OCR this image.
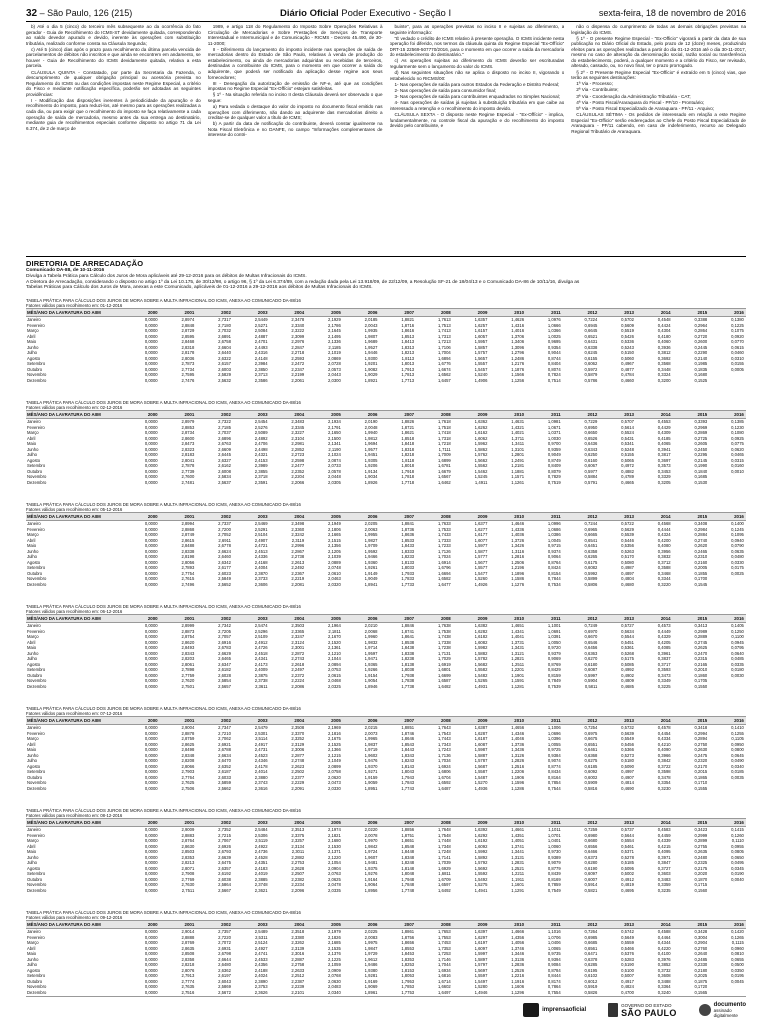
32 – São Paulo, 126 (215)	Diário Oficial Poder Executivo - Seção I	sexta-feira, 18 de novembro de 2016

b) Até o dia 5 (cinco) do terceiro mês subsequente ao da ocorrência do fato gerador - Guia de Recolhimento do ICMS-ST devidamente quitada, correspondendo ao saldo devedor apurado e devido, inerente às operações com substituição tributária, realizado conforme consta na Cláusula Segunda;

c) Até 5 (cinco) dias após o prazo para recolhimento da última parcela vencida de parcelamentos de débitos não inscritos e que ainda se encontrem em andamento, se houver - Guia de Recolhimento do ICMS devidamente quitada, relativa a esta parcela.

CLÁUSULA QUINTA - Constatado, por parte da Secretaria da Fazenda, o descumprimento de qualquer obrigação principal ou acessória prevista no Regulamento do ICMS ou das condições impostas neste Regime Especial, a critério do Fisco e mediante notificação específica, poderão ser adotadas as seguintes providências:

I - Modificação das disposições inerentes à periodicidade da apuração e do recolhimento do imposto, para reduzi-los, até mesmo para as operações realizadas a cada dia, ou para exigir que o recolhimento do imposto se faça relativamente a cada operação de saída de mercadoria, mesmo antes da sua entrega ao destinatário, mediante guia de recolhimentos especiais conforme disposto no artigo 71 da Lei 6.374, de 2 de março de

1989, e artigo 118 do Regulamento do Imposto Sobre Operações Relativas à Circulação de Mercadorias e Sobre Prestações de Serviços de Transporte Interestadual e Intermunicipal e de Comunicação - RICMS - Decreto 45.490, de 30-11-2000;

II - Diferimento do lançamento do imposto incidente nas operações de saída de mercadorias dentro do Estado de São Paulo, relativas à venda de produção do estabelecimento, ou ainda de mercadorias adquiridas ou recebidas de terceiros, destinadas a contribuinte do ICMS, para o momento em que ocorrer a saída do adquirente, que poderá ser notificado da aplicação desse regime aos seus fornecedores;

III - Denegação da autorização de emissão de NF-e, até que as condições impostas no Regime Especial "Ex-Offício" estejam satisfeitas.

§ 1º - Na situação referida no inciso II desta Cláusula deverá ser observado o que segue:

a) Para vedada o destaque do valor do imposto no documento fiscal emitido nas operações com diferimento, não dando ao adquirente das mercadorias direito a creditar-se de qualquer valor a título de ICMS;

b) A partir da data de notificação do contribuinte, deverá constar igualmente na Nota Fiscal Eletrônica e no DANFE, no campo "Informações complementares de interesse do contri-

buinte", para as operações previstas no inciso II e sujeitas ao diferimento, a seguinte informação:

"É vedado o crédito de ICMS relativo à presente operação. O ICMS incidente nesta operação foi diferido, nos termos da cláusula quinta do Regime Especial "Ex-Offício" DRT-15 22569-507770/2016, para o momento em que ocorrer a saída da mercadoria do estabelecimento do destinatário."

c) As operações sujeitas ao diferimento do ICMS deverão ser escrituradas regularmente sem o lançamento do valor do ICMS.

d) Nas seguintes situações não se aplica o disposto no inciso II, vigorando o estabelecido no RICMS/00:

1- Nas operações de saída para outros Estados da Federação e Distrito Federal;

2- Nas operações de saída para consumidor final;

3- Nas operações de saída para contribuintes enquadrados no Simples Nacional;

4- Nas operações de saídas já sujeitas à substituição tributária em que caibe ao interessado a retenção e o recolhimento do imposto devido.

CLÁUSULA SEXTA - O disposto neste Regime Especial - "Ex-Offício" - implica, fundamentalmente, no controle fiscal da apuração e do recolhimento do imposto devido pelo contribuinte, e

não o dispensa do cumprimento de todas as demais obrigações previstas na legislação do ICMS.

§ 1º - O presente Regime Especial - "Ex-Officio" vigorará a partir da data de sua publicação no Diário Oficial do Estado, pelo prazo de 12 (doze) meses, produzindo efeitos para as operações realizadas a partir do dia 01-12-2016 até o dia 30-11-2017, mesmo no caso de alteração da denominação social, razão social ou transferência do estabelecimento, poderá, a qualquer momento e a critério do Fisco, ser revisado, alterado, cassado, ou, no novo final, ter o prazo prorrogado.

§ 2º - O Presente Regime Especial "Ex-Officio" é extraído em 5 (cinco) vias, que terão as seguintes destinações:

1ª Via - Processo;

2ª Via - Contribuinte;

3ª Via - Coordenação da Administração Tributária - CAT;

4ª Via - Posto Fiscal/Araraquara do Fiscal - PF/10 - Prontuário;

5ª Via - Posto Fiscal Especializado de Araraquara - PF/11 - Arquivo;

CLÁUSULAS SÉTIMA - Os pedidos de interessado em relação a este Regime Especial "Ex-Officio" serão endereçados ao Chefe do Posto Fiscal Especializado de Araraquara - PF/11 cabendo, em caso de indeferimento, recurso ao Delegado Regional Tributário de Araraquara.

DIRETORIA DE ARRECADAÇÃO
Comunicado DA-88, de 10-11-2016
Divulga a Tabela Prática para Cálculo dos Juros de Mora aplicáveis até 29-12-2016 para os débitos de Multas Infracionais do ICMS.
A Diretora de Arrecadação, considerando o disposto no artigo 1º da Lei 10.175, de 30/12/98, o artigo 96, § 1º da Lei 6.374/89, com a redação dada pela Lei 13.918/09, de 22/12/09, a Resolução SF-21 de 18/04/13 e o Comunicado DA-86 de 10/11/16, divulga as
Tabelas Práticas para Cálculo dos Juros de Mora, anexas a este Comunicado, aplicáveis de 01-12-2016 a 29-12-2016 aos débitos de Multas Infracionais do ICMS.
TABELA PRÁTICA PARA CÁLCULO DOS JUROS DE MORA SOBRE A MULTA INFRACIONAL DO ICMS, ANEXA AO COMUNICADO DA-88/16
Fatores válidos para recolhimento em: 01-12-2016
MÊS/ANO DA LAVRATURA DO AIIM	2000	2001	2002	2003	2004	2005	2006	2007	2008	2009	2010	2011	2012	2013	2014	2015	2016
Janeiro	0,0000	2,8974	2,7317	2,5449	2,3478	2,1929	2,0185	1,8821	1,7613	1,6357	1,4626	1,0976	0,7224	0,5702	0,4548	0,3388	0,1380
Fevereiro	0,0000	2,8848	2,7180	2,5271	2,3340	2,1786	2,0043	1,8716	1,7513	1,6257	1,4316	1,0666	0,6945	0,5609	0,4424	0,2964	0,1225
Março	0,0000	2,8729	2,7032	2,5084	2,3222	2,1645	1,9935	1,8616	1,7413	1,6157	1,4016	1,0366	0,6645	0,5519	0,4304	0,2864	0,1075
Abril	0,0000	2,8595	2,6891	2,4887	2,3099	2,1495	1,9807	1,8513	1,7313	1,6057	1,3706	1,0025	0,6521	0,5426	0,4180	0,2720	0,0920
Maio	0,0000	2,8468	2,6758	2,4701	2,2976	2,1336	1,9689	1,8413	1,7213	1,5957	1,3406	0,9695	0,6431	0,5336	0,4060	0,2600	0,0770
Junho	0,0000	2,8318	2,6604	2,4493	2,2847	2,1185	1,9527	1,8313	1,7106	1,5857	1,3096	0,9354	0,6338	0,5243	0,3936	0,2445	0,0615
Julho	0,0000	2,8178	2,6440	2,4316	2,2718	2,1019	1,9446	1,8213	1,7004	1,5757	1,2796	0,9044	0,6245	0,5150	0,3812	0,2290	0,0460
Agosto	0,0000	2,8036	2,6322	2,4148	2,2593	2,0869	1,9300	1,8113	1,6894	1,5657	1,2486	0,8744	0,6155	0,5060	0,3692	0,2140	0,0310
Setembro	0,0000	2,7873	2,6157	2,3984	2,2472	2,0728	1,9201	1,8013	1,6776	1,5557	1,2176	0,8404	0,6062	0,4967	0,3568	0,1985	0,0155
Outubro	0,0000	2,7734	2,6003	2,3850	2,2347	2,0573	1,9082	1,7913	1,6674	1,5457	1,1876	0,8074	0,5972	0,4877	0,3448	0,1835	0,0005
Novembro	0,0000	2,7595	2,5829	2,3713	2,2199	2,0443	1,9029	1,7813	1,6562	1,5240	1,1566	0,7824	0,5879	0,4784	0,3324	0,1680
Dezembro	0,0000	2,7476	2,5632	2,3586	2,2061	2,0300	1,8921	1,7713	1,6457	1,4906	1,1256	0,7514	0,5786	0,4660	0,3200	0,1525
TABELA PRÁTICA PARA CÁLCULO DOS JUROS DE MORA SOBRE A MULTA INFRACIONAL DO ICMS, ANEXA AO COMUNICADO DA-88/16
Fatores válidos para recolhimento em: 02-12-2016
MÊS/ANO DA LAVRATURA DO AIIM	2000	2001	2002	2003	2004	2005	2006	2007	2008	2009	2010	2011	2012	2013	2014	2015	2016
Janeiro	0,0000	2,8979	2,7322	2,5454	2,3483	2,1934	2,0190	1,8826	1,7618	1,6362	1,4631	1,0981	0,7229	0,5707	0,4553	0,3393	0,1385
Fevereiro	0,0000	2,8853	2,7185	2,5276	2,3345	2,1791	2,0048	1,8721	1,7518	1,6262	1,4321	1,0671	0,6950	0,5614	0,4429	0,2969	0,1230
Março	0,0000	2,8734	2,7037	2,5089	2,3227	2,1650	1,9940	1,8621	1,7418	1,6162	1,4021	1,0371	0,6650	0,5524	0,4309	0,2869	0,1080
Abril	0,0000	2,8600	2,6896	2,4892	2,3104	2,1500	1,9812	1,8518	1,7318	1,6062	1,3711	1,0030	0,6526	0,5431	0,4185	0,2725	0,0925
Maio	0,0000	2,8473	2,6763	2,4706	2,2981	2,1341	1,9694	1,8418	1,7218	1,5962	1,3411	0,9700	0,6436	0,5341	0,4065	0,2605	0,0775
Junho	0,0000	2,8323	2,6609	2,4498	2,2852	2,1190	1,9577	1,8318	1,7111	1,5862	1,3101	0,9359	0,6343	0,5248	0,3941	0,2450	0,0620
Julho	0,0000	2,8183	2,6445	2,4321	2,2723	2,1024	1,9451	1,8218	1,7009	1,5762	1,2801	0,9049	0,6250	0,5155	0,3817	0,2295	0,0465
Agosto	0,0000	2,8041	2,6327	2,4153	2,2598	2,0874	1,9305	1,8118	1,6899	1,5662	1,2491	0,8749	0,6160	0,5065	0,3697	0,2145	0,0315
Setembro	0,0000	2,7878	2,6162	2,3989	2,2477	2,0733	1,9206	1,8018	1,6781	1,5562	1,2181	0,8409	0,6067	0,4972	0,3573	0,1990	0,0160
Outubro	0,0000	2,7739	2,6008	2,3855	2,2352	2,0578	1,9134	1,7918	1,6679	1,5462	1,1881	0,8079	0,5977	0,4882	0,3453	0,1840	0,0010
Novembro	0,0000	2,7600	2,5834	2,3718	2,2204	2,0448	1,9034	1,7818	1,6567	1,5245	1,1571	0,7829	0,5884	0,4789	0,3329	0,1685
Dezembro	0,0000	2,7481	2,5637	2,3591	2,2066	2,0305	1,8926	1,7718	1,6462	1,4911	1,1261	0,7519	0,5791	0,4665	0,3205	0,1530
TABELA PRÁTICA PARA CÁLCULO DOS JUROS DE MORA SOBRE A MULTA INFRACIONAL DO ICMS, ANEXA AO COMUNICADO DA-88/16
Fatores válidos para recolhimento em: 05-12-2016
MÊS/ANO DA LAVRATURA DO AIIM	2000	2001	2002	2003	2004	2005	2006	2007	2008	2009	2010	2011	2012	2013	2014	2015	2016
Janeiro	0,0000	2,8994	2,7337	2,5469	2,3498	2,1949	2,0205	1,8841	1,7633	1,6377	1,4646	1,0996	0,7244	0,5722	0,4568	0,3408	0,1400
Fevereiro	0,0000	2,8868	2,7200	2,5291	2,3360	2,1806	2,0063	1,8736	1,7533	1,6277	1,4336	1,0686	0,6965	0,5629	0,4444	0,2984	0,1245
Março	0,0000	2,8749	2,7052	2,5104	2,3242	2,1665	1,9955	1,8636	1,7433	1,6177	1,4036	1,0386	0,6665	0,5539	0,4324	0,2884	0,1095
Abril	0,0000	2,8615	2,6911	2,4907	2,3119	2,1515	1,9827	1,8533	1,7333	1,6077	1,3726	1,0045	0,6541	0,5446	0,4200	0,2740	0,0940
Maio	0,0000	2,8488	2,6778	2,4721	2,2996	2,1356	1,9709	1,8433	1,7233	1,5977	1,3426	0,9715	0,6451	0,5356	0,4080	0,2620	0,0790
Junho	0,0000	2,8338	2,6624	2,4513	2,2867	2,1205	1,9592	1,8333	1,7126	1,5877	1,3116	0,9374	0,6358	0,5263	0,3956	0,2465	0,0635
Julho	0,0000	2,8198	2,6460	2,4336	2,2738	2,1039	1,9466	1,8233	1,7024	1,5777	1,2816	0,9064	0,6265	0,5170	0,3832	0,2310	0,0480
Agosto	0,0000	2,8056	2,6342	2,4168	2,2613	2,0889	1,9360	1,8133	1,6914	1,5677	1,2506	0,8764	0,6175	0,5080	0,3712	0,2160	0,0330
Setembro	0,0000	2,7893	2,6177	2,4004	2,2492	2,0748	1,9261	1,8033	1,6796	1,5577	1,2196	0,8424	0,6082	0,4987	0,3588	0,2005	0,0175
Outubro	0,0000	2,7754	2,6023	2,3870	2,2367	2,0610	1,9149	1,7933	1,6694	1,5477	1,1896	0,8154	0,5992	0,4897	0,3468	0,1855	0,0025
Novembro	0,0000	2,7615	2,5849	2,3733	2,2219	2,0463	1,9049	1,7833	1,6582	1,5260	1,1586	0,7844	0,5899	0,4804	0,3344	0,1700
Dezembro	0,0000	2,7496	2,5652	2,3606	2,2081	2,0320	1,8941	1,7733	1,6477	1,4926	1,1276	0,7534	0,5806	0,4680	0,3220	0,1545
TABELA PRÁTICA PARA CÁLCULO DOS JUROS DE MORA SOBRE A MULTA INFRACIONAL DO ICMS, ANEXA AO COMUNICADO DA-88/16
Fatores válidos para recolhimento em: 06-12-2016
MÊS/ANO DA LAVRATURA DO AIIM	2000	2001	2002	2003	2004	2005	2006	2007	2008	2009	2010	2011	2012	2013	2014	2015	2016
Janeiro	0,0000	2,8999	2,7342	2,5474	2,3503	2,1964	2,0210	1,8846	1,7638	1,6382	1,4651	1,1001	0,7249	0,5727	0,4573	0,3413	0,1405
Fevereiro	0,0000	2,8873	2,7205	2,5296	2,3365	2,1811	2,0068	1,8741	1,7538	1,6282	1,4341	1,0691	0,6970	0,5634	0,4449	0,2989	0,1250
Março	0,0000	2,8754	2,7057	2,5109	2,3247	2,1670	1,9960	1,8641	1,7438	1,6182	1,4041	1,0391	0,6670	0,5544	0,4329	0,2889	0,1100
Abril	0,0000	2,8620	2,6916	2,4912	2,3124	2,1520	1,9832	1,8538	1,7338	1,6082	1,3731	1,0050	0,6546	0,5451	0,4205	0,2745	0,0945
Maio	0,0000	2,8493	2,6783	2,4726	2,3001	2,1361	1,9714	1,8438	1,7238	1,5982	1,3431	0,9720	0,6456	0,5361	0,4085	0,2625	0,0795
Junho	0,0000	2,8343	2,6629	2,4518	2,2872	2,1210	1,9597	1,8338	1,7131	1,5882	1,3121	0,9379	0,6363	0,5268	0,3961	0,2470	0,0640
Julho	0,0000	2,8203	2,6465	2,4341	2,2743	2,1044	1,9471	1,8238	1,7029	1,5782	1,2821	0,9069	0,6270	0,5175	0,3837	0,2315	0,0485
Agosto	0,0000	2,8061	2,6347	2,4173	2,2618	2,0894	1,9365	1,8138	1,6919	1,5682	1,2511	0,8769	0,6180	0,5085	0,3717	0,2165	0,0335
Setembro	0,0000	2,7898	2,6182	2,4009	2,2497	2,0753	1,9266	1,8038	1,6801	1,5582	1,2201	0,8429	0,6087	0,4992	0,3593	0,2010	0,0180
Outubro	0,0000	2,7759	2,6028	2,3875	2,2372	2,0615	1,9154	1,7938	1,6699	1,5482	1,1901	0,8159	0,5997	0,4902	0,3473	0,1860	0,0030
Novembro	0,0000	2,7620	2,5854	2,3738	2,2224	2,0468	1,9054	1,7838	1,6587	1,5265	1,1591	0,7849	0,5904	0,4809	0,3349	0,1705
Dezembro	0,0000	2,7501	2,5657	2,3611	2,2086	2,0325	1,8946	1,7738	1,6482	1,4931	1,1281	0,7539	0,5811	0,4685	0,3225	0,1550
TABELA PRÁTICA PARA CÁLCULO DOS JUROS DE MORA SOBRE A MULTA INFRACIONAL DO ICMS, ANEXA AO COMUNICADO DA-88/16
Fatores válidos para recolhimento em: 07-12-2016
MÊS/ANO DA LAVRATURA DO AIIM	2000	2001	2002	2003	2004	2005	2006	2007	2008	2009	2010	2011	2012	2013	2014	2015	2016
Janeiro	0,0000	2,9004	2,7347	2,5479	2,3508	2,1969	2,0215	1,8851	1,7643	1,6387	1,4656	1,1006	0,7254	0,5732	0,4578	0,3418	0,1410
Fevereiro	0,0000	2,8878	2,7210	2,5301	2,3370	2,1816	2,0073	1,8746	1,7543	1,6287	1,4346	1,0696	0,6975	0,5639	0,4454	0,2994	0,1255
Março	0,0000	2,8759	2,7062	2,5114	2,3252	2,1675	1,9965	1,8646	1,7443	1,6187	1,4046	1,0396	0,6675	0,5549	0,4334	0,2894	0,1105
Abril	0,0000	2,8625	2,6921	2,4917	2,3129	2,1525	1,9837	1,8543	1,7343	1,6087	1,3736	1,0055	0,6551	0,5456	0,4210	0,2750	0,0950
Maio	0,0000	2,8498	2,6788	2,4731	2,3006	2,1366	1,9719	1,8443	1,7243	1,5987	1,3436	0,9725	0,6461	0,5366	0,4090	0,2630	0,0800
Junho	0,0000	2,8348	2,6634	2,4523	2,2877	2,1215	1,9602	1,8343	1,7136	1,5887	1,3126	0,9384	0,6368	0,5273	0,3966	0,2475	0,0645
Julho	0,0000	2,8208	2,6470	2,4346	2,2748	2,1049	1,9476	1,8243	1,7034	1,5787	1,2826	0,9074	0,6275	0,5180	0,3842	0,2320	0,0490
Agosto	0,0000	2,8066	2,6352	2,4178	2,2623	2,0899	1,9370	1,8143	1,6924	1,5687	1,2516	0,8774	0,6185	0,5090	0,3722	0,2170	0,0340
Setembro	0,0000	2,7903	2,6187	2,4014	2,2502	2,0758	1,9271	1,8043	1,6806	1,5587	1,2206	0,8434	0,6092	0,4997	0,3598	0,2015	0,0185
Outubro	0,0000	2,7764	2,6033	2,3880	2,2377	2,0620	1,9159	1,7943	1,6704	1,5487	1,1906	0,8164	0,6002	0,4907	0,3478	0,1865	0,0035
Novembro	0,0000	2,7625	2,5859	2,3743	2,2229	2,0473	1,9059	1,7843	1,6592	1,5270	1,1596	0,7854	0,5909	0,4814	0,3354	0,1710
Dezembro	0,0000	2,7506	2,5662	2,3616	2,2091	2,0330	1,8951	1,7743	1,6487	1,4936	1,1286	0,7544	0,5816	0,4690	0,3230	0,1555
TABELA PRÁTICA PARA CÁLCULO DOS JUROS DE MORA SOBRE A MULTA INFRACIONAL DO ICMS, ANEXA AO COMUNICADO DA-88/16
Fatores válidos para recolhimento em: 08-12-2016
MÊS/ANO DA LAVRATURA DO AIIM	2000	2001	2002	2003	2004	2005	2006	2007	2008	2009	2010	2011	2012	2013	2014	2015	2016
Janeiro	0,0000	2,9009	2,7352	2,5484	2,3513	2,1974	2,0220	1,8856	1,7648	1,6392	1,4661	1,1011	0,7259	0,5737	0,4583	0,3423	0,1415
Fevereiro	0,0000	2,8883	2,7215	2,5306	2,3375	2,1821	2,0078	1,8751	1,7548	1,6292	1,4351	1,0701	0,6980	0,5644	0,4459	0,2999	0,1260
Março	0,0000	2,8764	2,7067	2,5119	2,3257	2,1680	1,9970	1,8651	1,7448	1,6192	1,4051	1,0401	0,6680	0,5554	0,4339	0,2899	0,1110
Abril	0,0000	2,8630	2,6926	2,4922	2,3134	2,1530	1,9842	1,8548	1,7348	1,6092	1,3741	1,0060	0,6556	0,5461	0,4215	0,2755	0,0955
Maio	0,0000	2,8503	2,6793	2,4736	2,3011	2,1371	1,9724	1,8448	1,7248	1,5992	1,3441	0,9730	0,6466	0,5371	0,4095	0,2635	0,0805
Junho	0,0000	2,8353	2,6639	2,4528	2,2882	2,1220	1,9607	1,8348	1,7141	1,5892	1,3131	0,9389	0,6373	0,5278	0,3971	0,2480	0,0650
Julho	0,0000	2,8213	2,6475	2,4351	2,2753	2,1054	1,9481	1,8248	1,7039	1,5792	1,2831	0,9079	0,6280	0,5185	0,3847	0,2325	0,0495
Agosto	0,0000	2,8071	2,6357	2,4183	2,2628	2,0904	1,9375	1,8148	1,6929	1,5692	1,2521	0,8779	0,6190	0,5095	0,3727	0,2175	0,0345
Setembro	0,0000	2,7908	2,6192	2,4019	2,2507	2,0763	1,9276	1,8048	1,6811	1,5592	1,2211	0,8439	0,6097	0,5002	0,3603	0,2020	0,0190
Outubro	0,0000	2,7769	2,6038	2,3885	2,2382	2,0625	1,9164	1,7948	1,6709	1,5492	1,1911	0,8169	0,6007	0,4912	0,3483	0,1870	0,0040
Novembro	0,0000	2,7630	2,5864	2,3748	2,2234	2,0478	1,9064	1,7848	1,6597	1,5275	1,1601	0,7859	0,5914	0,4819	0,3359	0,1715
Dezembro	0,0000	2,7511	2,5667	2,3621	2,2096	2,0335	1,8956	1,7748	1,6492	1,4941	1,1291	0,7549	0,5821	0,4695	0,3235	0,1560
TABELA PRÁTICA PARA CÁLCULO DOS JUROS DE MORA SOBRE A MULTA INFRACIONAL DO ICMS, ANEXA AO COMUNICADO DA-88/16
Fatores válidos para recolhimento em: 09-12-2016
MÊS/ANO DA LAVRATURA DO AIIM	2000	2001	2002	2003	2004	2005	2006	2007	2008	2009	2010	2011	2012	2013	2014	2015	2016
Janeiro	0,0000	2,9014	2,7357	2,5489	2,3518	2,1979	2,0225	1,8861	1,7653	1,6397	1,4666	1,1016	0,7264	0,5742	0,4588	0,3428	0,1420
Fevereiro	0,0000	2,8888	2,7220	2,5311	2,3380	2,1826	2,0083	1,8756	1,7553	1,6297	1,4356	1,0706	0,6985	0,5649	0,4464	0,3004	0,1265
Março	0,0000	2,8769	2,7072	2,5124	2,3262	2,1685	1,9975	1,8656	1,7453	1,6197	1,4056	1,0406	0,6685	0,5559	0,4344	0,2904	0,1115
Abril	0,0000	2,8635	2,6931	2,4927	2,3139	2,1535	1,9847	1,8553	1,7353	1,6097	1,3746	1,0065	0,6561	0,5466	0,4220	0,2760	0,0960
Maio	0,0000	2,8508	2,6798	2,4741	2,3016	2,1376	1,9729	1,8453	1,7253	1,5997	1,3446	0,9735	0,6471	0,5376	0,4100	0,2640	0,0810
Junho	0,0000	2,8358	2,6644	2,4533	2,2887	2,1225	1,9612	1,8353	1,7146	1,5897	1,3136	0,9394	0,6378	0,5283	0,3976	0,2485	0,0655
Julho	0,0000	2,8218	2,6480	2,4356	2,2758	2,1059	1,9486	1,8253	1,7044	1,5797	1,2836	0,9084	0,6285	0,5190	0,3852	0,2330	0,0500
Agosto	0,0000	2,8076	2,6362	2,4188	2,2633	2,0909	1,9380	1,8153	1,6934	1,5697	1,2526	0,8784	0,6195	0,5100	0,3732	0,2180	0,0350
Setembro	0,0000	2,7913	2,6197	2,4024	2,2512	2,0768	1,9281	1,8053	1,6816	1,5597	1,2216	0,8444	0,6102	0,5007	0,3608	0,2025	0,0195
Outubro	0,0000	2,7774	2,6043	2,3890	2,2387	2,0630	1,9169	1,7953	1,6714	1,5497	1,1916	0,8174	0,6012	0,4917	0,3488	0,1875	0,0045
Novembro	0,0000	2,7635	2,5869	2,3753	2,2239	2,0483	1,9069	1,7853	1,6602	1,5280	1,1606	0,7864	0,5919	0,4824	0,3364	0,1720
Dezembro	0,0000	2,7516	2,5672	2,3626	2,2101	2,0340	1,8961	1,7753	1,6497	1,4946	1,1296	0,7554	0,5826	0,4700	0,3240	0,1565
imprensaoficial
GOVERNO DO ESTADO
SÃO PAULO
documento
assinado
digitalmente
